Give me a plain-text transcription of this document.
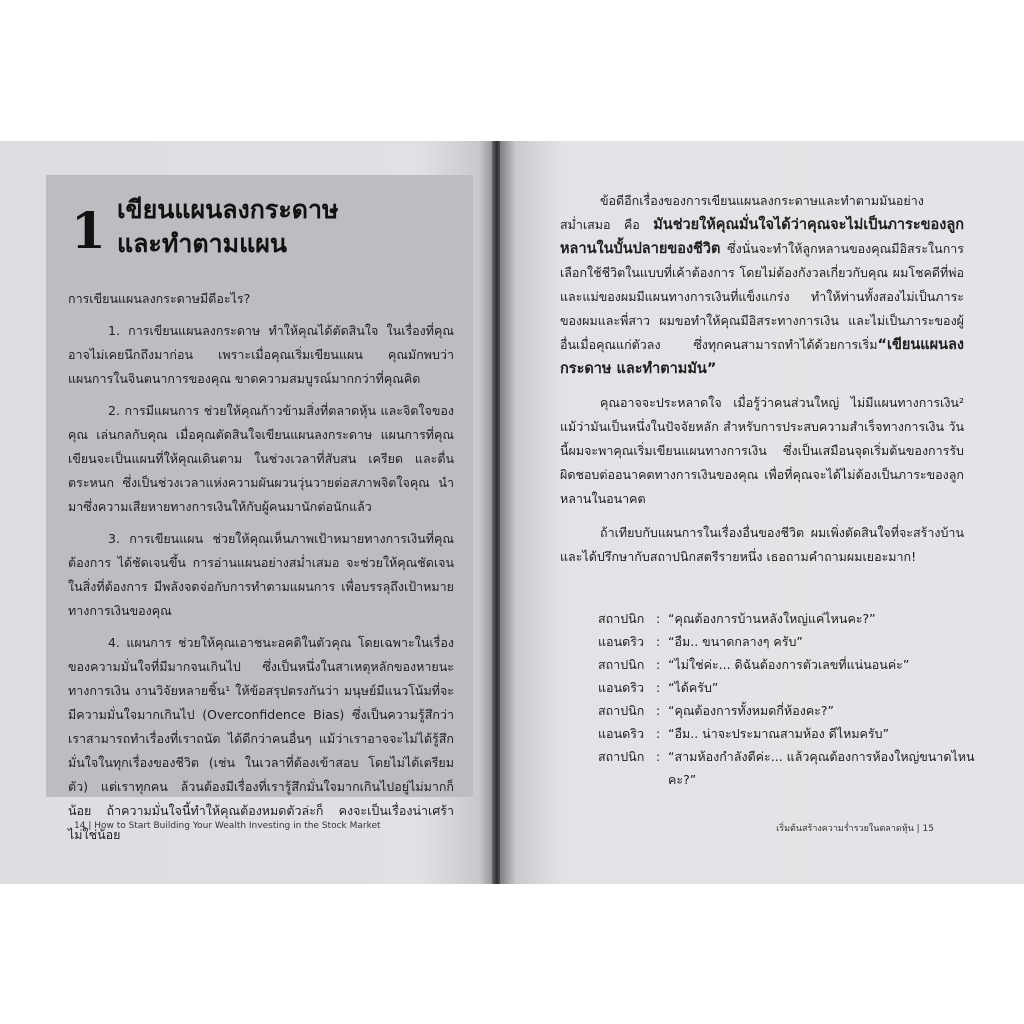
1 เขียนแผนลงกระดาษ
และทำตามแผน

การเขียนแผนลงกระดาษมีดีอะไร?

1. การเขียนแผนลงกระดาษ ทำให้คุณได้ตัดสินใจ ในเรื่องที่คุณอาจไม่เคยนึกถึงมาก่อน เพราะเมื่อคุณเริ่มเขียนแผน คุณมักพบว่าแผนการในจินตนาการของคุณ ขาดความสมบูรณ์มากกว่าที่คุณคิด

2. การมีแผนการ ช่วยให้คุณก้าวข้ามสิ่งที่ตลาดหุ้น และจิตใจของคุณ เล่นกลกับคุณ เมื่อคุณตัดสินใจเขียนแผนลงกระดาษ แผนการที่คุณเขียนจะเป็นแผนที่ให้คุณเดินตาม ในช่วงเวลาที่สับสน เครียด และตื่นตระหนก ซึ่งเป็นช่วงเวลาแห่งความผันผวนวุ่นวายต่อสภาพจิตใจคุณ นำมาซึ่งความเสียหายทางการเงินให้กับผู้คนมานักต่อนักแล้ว

3. การเขียนแผน ช่วยให้คุณเห็นภาพเป้าหมายทางการเงินที่คุณต้องการ ได้ชัดเจนขึ้น การอ่านแผนอย่างสม่ำเสมอ จะช่วยให้คุณชัดเจนในสิ่งที่ต้องการ มีพลังจดจ่อกับการทำตามแผนการ เพื่อบรรลุถึงเป้าหมายทางการเงินของคุณ

4. แผนการ ช่วยให้คุณเอาชนะอคติในตัวคุณ โดยเฉพาะในเรื่องของความมั่นใจที่มีมากจนเกินไป ซึ่งเป็นหนึ่งในสาเหตุหลักของหายนะทางการเงิน งานวิจัยหลายชิ้น¹ ให้ข้อสรุปตรงกันว่า มนุษย์มีแนวโน้มที่จะมีความมั่นใจมากเกินไป (Overconfidence Bias) ซึ่งเป็นความรู้สึกว่าเราสามารถทำเรื่องที่เราถนัด ได้ดีกว่าคนอื่นๆ แม้ว่าเราอาจจะไม่ได้รู้สึกมั่นใจในทุกเรื่องของชีวิต (เช่น ในเวลาที่ต้องเข้าสอบ โดยไม่ได้เตรียมตัว) แต่เราทุกคน ล้วนต้องมีเรื่องที่เรารู้สึกมั่นใจมากเกินไปอยู่ไม่มากก็น้อย ถ้าความมั่นใจนี้ทำให้คุณต้องหมดตัวล่ะก็ คงจะเป็นเรื่องน่าเศร้าไม่ใช่น้อย

14 | How to Start Building Your Wealth Investing in the Stock Market	เริ่มต้นสร้างความร่ำรวยในตลาดหุ้น | 15

ข้อดีอีกเรื่องของการเขียนแผนลงกระดาษและทำตามมันอย่างสม่ำเสมอ คือ มันช่วยให้คุณมั่นใจได้ว่าคุณจะไม่เป็นภาระของลูกหลานในบั้นปลายของชีวิต ซึ่งนั่นจะทำให้ลูกหลานของคุณมีอิสระในการเลือกใช้ชีวิตในแบบที่เค้าต้องการ โดยไม่ต้องกังวลเกี่ยวกับคุณ ผมโชคดีที่พ่อและแม่ของผมมีแผนทางการเงินที่แข็งแกร่ง ทำให้ท่านทั้งสองไม่เป็นภาระของผมและพี่สาว ผมขอทำให้คุณมีอิสระทางการเงิน และไม่เป็นภาระของผู้อื่นเมื่อคุณแก่ตัวลง ซึ่งทุกคนสามารถทำได้ด้วยการเริ่ม“เขียนแผนลงกระดาษ และทำตามมัน”

คุณอาจจะประหลาดใจ เมื่อรู้ว่าคนส่วนใหญ่ ไม่มีแผนทางการเงิน² แม้ว่ามันเป็นหนึ่งในปัจจัยหลัก สำหรับการประสบความสำเร็จทางการเงิน วันนี้ผมจะพาคุณเริ่มเขียนแผนทางการเงิน ซึ่งเป็นเสมือนจุดเริ่มต้นของการรับผิดชอบต่ออนาคตทางการเงินของคุณ เพื่อที่คุณจะได้ไม่ต้องเป็นภาระของลูกหลานในอนาคต

ถ้าเทียบกับแผนการในเรื่องอื่นของชีวิต ผมเพิ่งตัดสินใจที่จะสร้างบ้าน และได้ปรึกษากับสถาปนิกสตรีรายหนึ่ง เธอถามคำถามผมเยอะมาก!

สถาปนิก : “คุณต้องการบ้านหลังใหญ่แค่ไหนคะ?”
แอนดริว : “อืม.. ขนาดกลางๆ ครับ”
สถาปนิก : “ไม่ใช่ค่ะ... ดิฉันต้องการตัวเลขที่แน่นอนค่ะ”
แอนดริว : “ได้ครับ”
สถาปนิก : “คุณต้องการทั้งหมดกี่ห้องคะ?”
แอนดริว : “อืม.. น่าจะประมาณสามห้อง ดีไหมครับ”
สถาปนิก : “สามห้องกำลังดีค่ะ... แล้วคุณต้องการห้องใหญ่ขนาดไหนคะ?”
